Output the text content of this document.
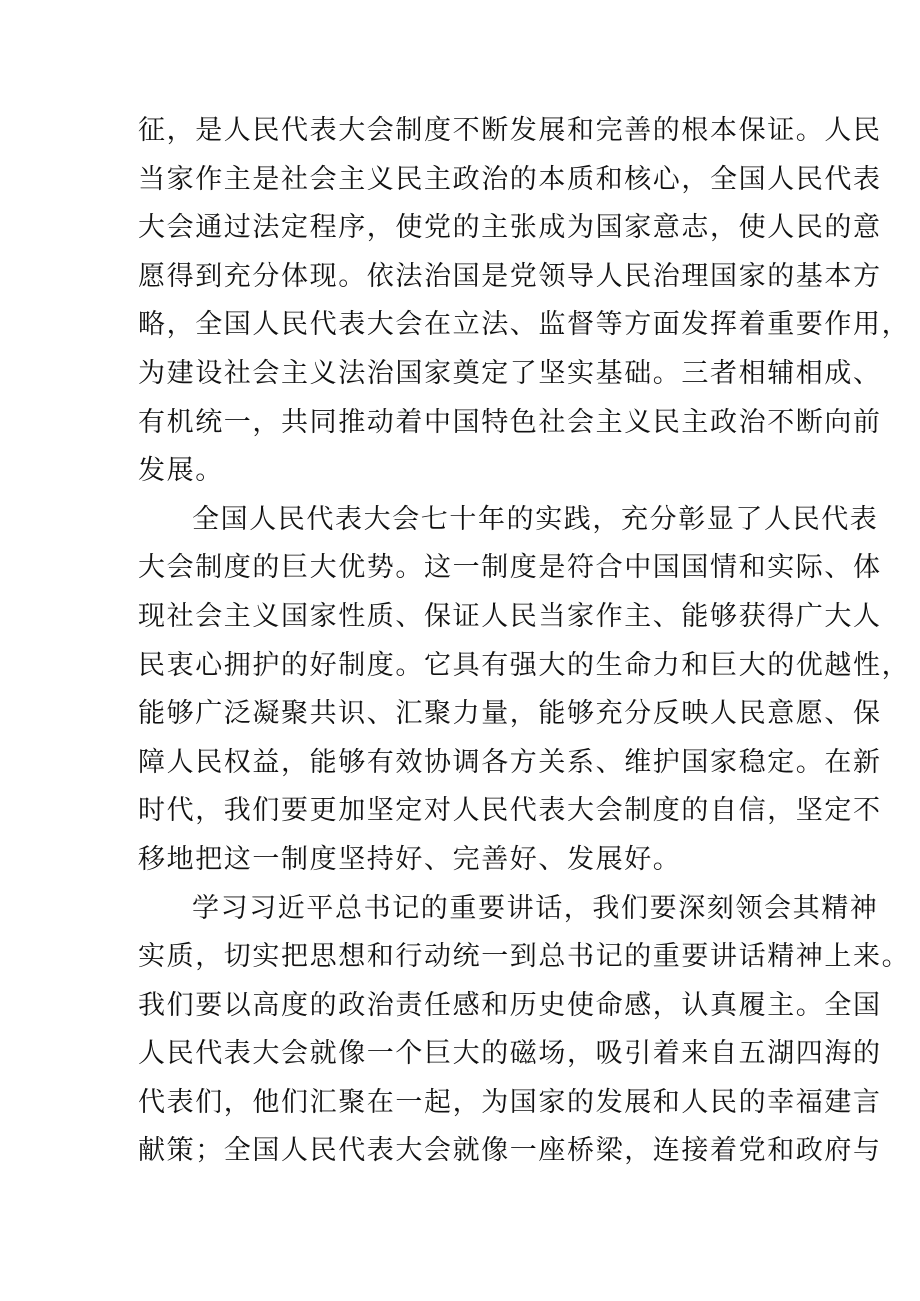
征，是人民代表大会制度不断发展和完善的根本保证。人民
当家作主是社会主义民主政治的本质和核心，全国人民代表
大会通过法定程序，使党的主张成为国家意志，使人民的意
愿得到充分体现。依法治国是党领导人民治理国家的基本方
略，全国人民代表大会在立法、监督等方面发挥着重要作用，
为建设社会主义法治国家奠定了坚实基础。三者相辅相成、
有机统一，共同推动着中国特色社会主义民主政治不断向前
发展。
全国人民代表大会七十年的实践，充分彰显了人民代表
大会制度的巨大优势。这一制度是符合中国国情和实际、体
现社会主义国家性质、保证人民当家作主、能够获得广大人
民衷心拥护的好制度。它具有强大的生命力和巨大的优越性，
能够广泛凝聚共识、汇聚力量，能够充分反映人民意愿、保
障人民权益，能够有效协调各方关系、维护国家稳定。在新
时代，我们要更加坚定对人民代表大会制度的自信，坚定不
移地把这一制度坚持好、完善好、发展好。
学习习近平总书记的重要讲话，我们要深刻领会其精神
实质，切实把思想和行动统一到总书记的重要讲话精神上来。
我们要以高度的政治责任感和历史使命感，认真履主。全国
人民代表大会就像一个巨大的磁场，吸引着来自五湖四海的
代表们，他们汇聚在一起，为国家的发展和人民的幸福建言
献策；全国人民代表大会就像一座桥梁，连接着党和政府与
